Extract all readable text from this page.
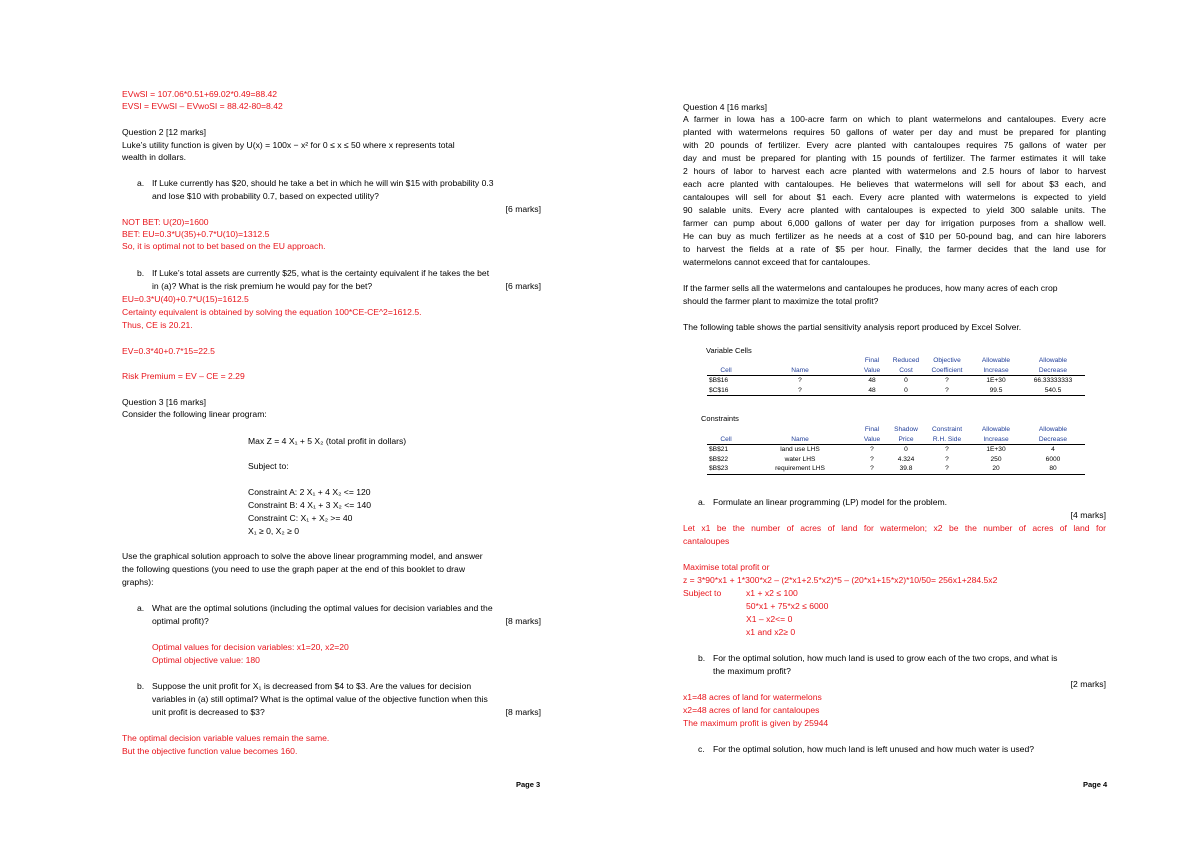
EVwSI = 107.06*0.51+69.02*0.49=88.42
EVSI = EVwSI – EVwoSI = 88.42-80=8.42
Question 2 [12 marks]
Luke’s utility function is given by U(x) = 100x − x² for 0 ≤ x ≤ 50 where x represents total
wealth in dollars.
a. If Luke currently has $20, should he take a bet in which he will win $15 with probability 0.3
and lose $10 with probability 0.7, based on expected utility?
[6 marks]
NOT BET: U(20)=1600
BET: EU=0.3*U(35)+0.7*U(10)=1312.5
So, it is optimal not to bet based on the EU approach.
b. If Luke’s total assets are currently $25, what is the certainty equivalent if he takes the bet
in (a)? What is the risk premium he would pay for the bet?	[6 marks]
EU=0.3*U(40)+0.7*U(15)=1612.5
Certainty equivalent is obtained by solving the equation 100*CE-CE^2=1612.5.
Thus, CE is 20.21.
EV=0.3*40+0.7*15=22.5
Risk Premium = EV – CE = 2.29
Question 3 [16 marks]
Consider the following linear program:
Max Z = 4 X₁ + 5 X₂ (total profit in dollars)
Subject to:
Constraint A: 2 X₁ + 4 X₂ <= 120
Constraint B: 4 X₁ + 3 X₂ <= 140
Constraint C: X₁ + X₂ >= 40
X₁ ≥ 0, X₂ ≥ 0
Use the graphical solution approach to solve the above linear programming model, and answer
the following questions (you need to use the graph paper at the end of this booklet to draw
graphs):
a. What are the optimal solutions (including the optimal values for decision variables and the
optimal profit)?	[8 marks]
Optimal values for decision variables: x1=20, x2=20
Optimal objective value: 180
b. Suppose the unit profit for X₁ is decreased from $4 to $3. Are the values for decision
variables in (a) still optimal? What is the optimal value of the objective function when this
unit profit is decreased to $3?	[8 marks]
The optimal decision variable values remain the same.
But the objective function value becomes 160.
Page 3
Question 4 [16 marks]
A farmer in Iowa has a 100-acre farm on which to plant watermelons and cantaloupes. Every acre
planted with watermelons requires 50 gallons of water per day and must be prepared for planting
with 20 pounds of fertilizer. Every acre planted with cantaloupes requires 75 gallons of water per
day and must be prepared for planting with 15 pounds of fertilizer. The farmer estimates it will take
2 hours of labor to harvest each acre planted with watermelons and 2.5 hours of labor to harvest
each acre planted with cantaloupes. He believes that watermelons will sell for about $3 each, and
cantaloupes will sell for about $1 each. Every acre planted with watermelons is expected to yield
90 salable units. Every acre planted with cantaloupes is expected to yield 300 salable units. The
farmer can pump about 6,000 gallons of water per day for irrigation purposes from a shallow well.
He can buy as much fertilizer as he needs at a cost of $10 per 50-pound bag, and can hire laborers
to harvest the fields at a rate of $5 per hour. Finally, the farmer decides that the land use for
watermelons cannot exceed that for cantaloupes.
If the farmer sells all the watermelons and cantaloupes he produces, how many acres of each crop
should the farmer plant to maximize the total profit?
The following table shows the partial sensitivity analysis report produced by Excel Solver.
Variable Cells
		Final	Reduced	Objective	Allowable	Allowable
Cell	Name	Value	Cost	Coefficient	Increase	Decrease
$B$16	?	48	0	?	1E+30	66.33333333
$C$16	?	48	0	?	99.5	540.5
Constraints
		Final	Shadow	Constraint	Allowable	Allowable
Cell	Name	Value	Price	R.H. Side	Increase	Decrease
$B$21	land use LHS	?	0	?	1E+30	4
$B$22	water LHS	?	4.324	?	250	6000
$B$23	requirement LHS	?	39.8	?	20	80
a. Formulate an linear programming (LP) model for the problem.
[4 marks]
Let x1 be the number of acres of land for watermelon; x2 be the number of acres of land for
cantaloupes
Maximise total profit or
z = 3*90*x1 + 1*300*x2 – (2*x1+2.5*x2)*5 – (20*x1+15*x2)*10/50= 256x1+284.5x2
Subject to	x1 + x2 ≤ 100
50*x1 + 75*x2 ≤ 6000
X1 – x2<= 0
x1 and x2≥ 0
b. For the optimal solution, how much land is used to grow each of the two crops, and what is
the maximum profit?
[2 marks]
x1=48 acres of land for watermelons
x2=48 acres of land for cantaloupes
The maximum profit is given by 25944
c. For the optimal solution, how much land is left unused and how much water is used?
Page 4
